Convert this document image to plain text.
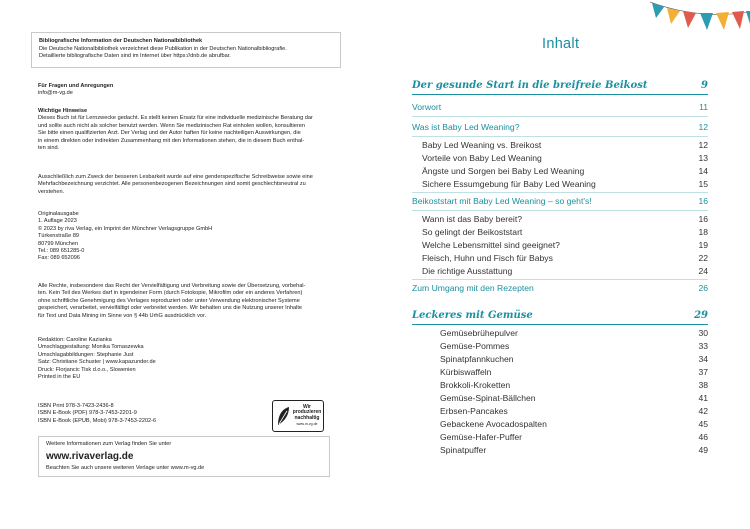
Bibliografische Information der Deutschen Nationalbibliothek
Die Deutsche Nationalbibliothek verzeichnet diese Publikation in der Deutschen Nationalbibliografie.
Detaillierte bibliografische Daten sind im Internet über https://dnb.de abrufbar.

Für Fragen und Anregungen

info@m-vg.de

Wichtige Hinweise

Dieses Buch ist für Lernzwecke gedacht. Es stellt keinen Ersatz für eine individuelle medizinische Beratung dar

und sollte auch nicht als solcher benutzt werden. Wenn Sie medizinischen Rat einholen wollen, konsultieren

Sie bitte einen qualifizierten Arzt. Der Verlag und der Autor haften für keine nachteiligen Auswirkungen, die

in einem direkten oder indirekten Zusammenhang mit den Informationen stehen, die in diesem Buch enthal-

ten sind.

Ausschließlich zum Zweck der besseren Lesbarkeit wurde auf eine genderspezifische Schreibweise sowie eine

Mehrfachbezeichnung verzichtet. Alle personenbezogenen Bezeichnungen sind somit geschlechtsneutral zu

verstehen.

Originalausgabe

1. Auflage 2023

© 2023 by riva Verlag, ein Imprint der Münchner Verlagsgruppe GmbH

Türkenstraße 89

80799 München

Tel.: 089 651285-0

Fax: 089 652096

Alle Rechte, insbesondere das Recht der Vervielfältigung und Verbreitung sowie der Übersetzung, vorbehal-

ten. Kein Teil des Werkes darf in irgendeiner Form (durch Fotokopie, Mikrofilm oder ein anderes Verfahren)

ohne schriftliche Genehmigung des Verlages reproduziert oder unter Verwendung elektronischer Systeme

gespeichert, verarbeitet, vervielfältigt oder verbreitet werden. Wir behalten uns die Nutzung unserer Inhalte

für Text und Data Mining im Sinne von § 44b UrhG ausdrücklich vor.

Redaktion: Caroline Kazianka

Umschlaggestaltung: Monika Tomaszewka

Umschlagabbildungen: Stephanie Just

Satz: Christiane Schuster | www.kapazunder.de

Druck: Florjancic Tisk d.o.o., Slowenien

Printed in the EU

ISBN Print 978-3-7423-2436-8

ISBN E-Book (PDF) 978-3-7453-2201-9

ISBN E-Book (EPUB, Mobi) 978-3-7453-2202-6

Wir produzieren
nachhaltig
www.m-vg.de
Weitere Informationen zum Verlag finden Sie unter
www.rivaverlag.de
Beachten Sie auch unsere weiteren Verlage unter www.m-vg.de
Inhalt
Der gesunde Start in die breifreie Beikost	9
Vorwort	11
Was ist Baby Led Weaning?	12
Baby Led Weaning vs. Breikost	12
Vorteile von Baby Led Weaning	13
Ängste und Sorgen bei Baby Led Weaning	14
Sichere Essumgebung für Baby Led Weaning	15
Beikoststart mit Baby Led Weaning – so geht's!	16
Wann ist das Baby bereit?	16
So gelingt der Beikoststart	18
Welche Lebensmittel sind geeignet?	19
Fleisch, Huhn und Fisch für Babys	22
Die richtige Ausstattung	24
Zum Umgang mit den Rezepten	26
Leckeres mit Gemüse	29
Gemüsebrühepulver	30
Gemüse-Pommes	33
Spinatpfannkuchen	34
Kürbiswaffeln	37
Brokkoli-Kroketten	38
Gemüse-Spinat-Bällchen	41
Erbsen-Pancakes	42
Gebackene Avocadospalten	45
Gemüse-Hafer-Puffer	46
Spinatpuffer	49
